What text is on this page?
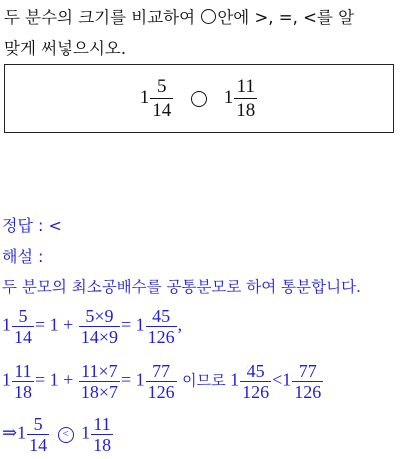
두 분수의 크기를 비교하여 안에 >, =, <를 알
맞게 써넣으시오.
$1 \frac{5}{14}$	$1 \frac{11}{18}$
정답 : <
해설 :
두 분모의 최소공배수를 공통분모로 하여 통분합니다.
$1 \frac{5}{14} = 1 + \frac{5\times 9}{14\times 9} = 1 \frac{45}{126}$ ,
$1 \frac{11}{18} = 1 + \frac{11\times 7}{18\times 7} = 1 \frac{77}{126}$ 이므로 $1 \frac{45}{126} <1 \frac{77}{126}$
⇒1 $\frac{5}{14} < 1 \frac{11}{18}$
